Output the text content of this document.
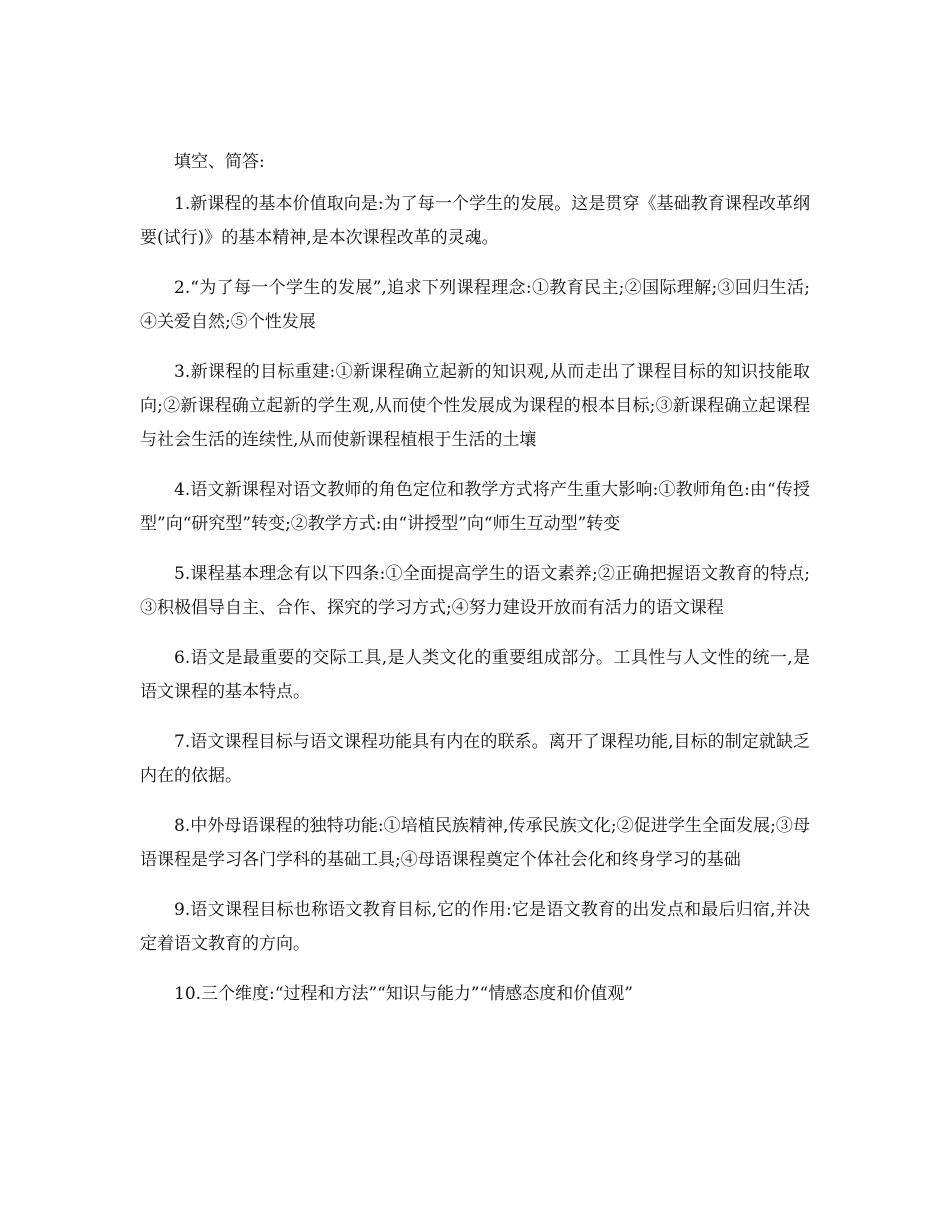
填空、简答:

1.新课程的基本价值取向是:为了每一个学生的发展。这是贯穿《基础教育课程改革纲要(试行)》的基本精神,是本次课程改革的灵魂。

2.“为了每一个学生的发展”,追求下列课程理念:①教育民主;②国际理解;③回归生活;④关爱自然;⑤个性发展

3.新课程的目标重建:①新课程确立起新的知识观,从而走出了课程目标的知识技能取向;②新课程确立起新的学生观,从而使个性发展成为课程的根本目标;③新课程确立起课程与社会生活的连续性,从而使新课程植根于生活的土壤

4.语文新课程对语文教师的角色定位和教学方式将产生重大影响:①教师角色:由“传授型”向“研究型”转变;②教学方式:由“讲授型”向“师生互动型”转变

5.课程基本理念有以下四条:①全面提高学生的语文素养;②正确把握语文教育的特点;③积极倡导自主、合作、探究的学习方式;④努力建设开放而有活力的语文课程

6.语文是最重要的交际工具,是人类文化的重要组成部分。工具性与人文性的统一,是语文课程的基本特点。

7.语文课程目标与语文课程功能具有内在的联系。离开了课程功能,目标的制定就缺乏内在的依据。

8.中外母语课程的独特功能:①培植民族精神,传承民族文化;②促进学生全面发展;③母语课程是学习各门学科的基础工具;④母语课程奠定个体社会化和终身学习的基础

9.语文课程目标也称语文教育目标,它的作用:它是语文教育的出发点和最后归宿,并决定着语文教育的方向。

10.三个维度:“过程和方法”“知识与能力”“情感态度和价值观”
